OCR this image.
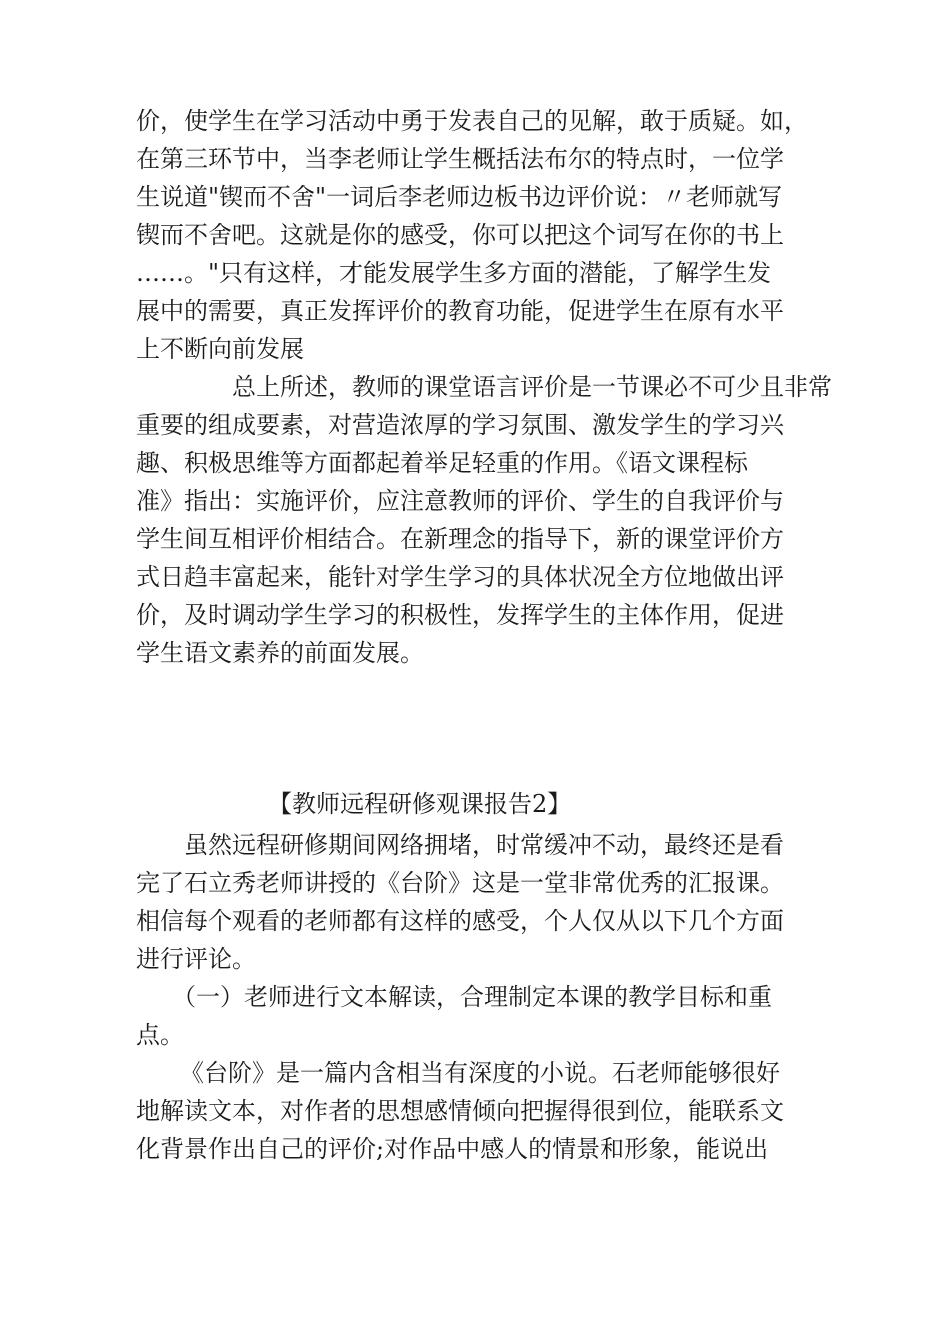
价，使学生在学习活动中勇于发表自己的见解，敢于质疑。如，
在第三环节中，当李老师让学生概括法布尔的特点时，一位学
生说道"锲而不舍"一词后李老师边板书边评价说：〃老师就写
锲而不舍吧。这就是你的感受，你可以把这个词写在你的书上
……。"只有这样，才能发展学生多方面的潜能，了解学生发
展中的需要，真正发挥评价的教育功能，促进学生在原有水平
上不断向前发展

总上所述，教师的课堂语言评价是一节课必不可少且非常
重要的组成要素，对营造浓厚的学习氛围、激发学生的学习兴
趣、积极思维等方面都起着举足轻重的作用。《语文课程标
准》指出：实施评价，应注意教师的评价、学生的自我评价与
学生间互相评价相结合。在新理念的指导下，新的课堂评价方
式日趋丰富起来，能针对学生学习的具体状况全方位地做出评
价，及时调动学生学习的积极性，发挥学生的主体作用，促进
学生语文素养的前面发展。

【教师远程研修观课报告2】

虽然远程研修期间网络拥堵，时常缓冲不动，最终还是看
完了石立秀老师讲授的《台阶》这是一堂非常优秀的汇报课。
相信每个观看的老师都有这样的感受，个人仅从以下几个方面
进行评论。

（一）老师进行文本解读，合理制定本课的教学目标和重
点。

《台阶》是一篇内含相当有深度的小说。石老师能够很好
地解读文本，对作者的思想感情倾向把握得很到位，能联系文
化背景作出自己的评价;对作品中感人的情景和形象，能说出
